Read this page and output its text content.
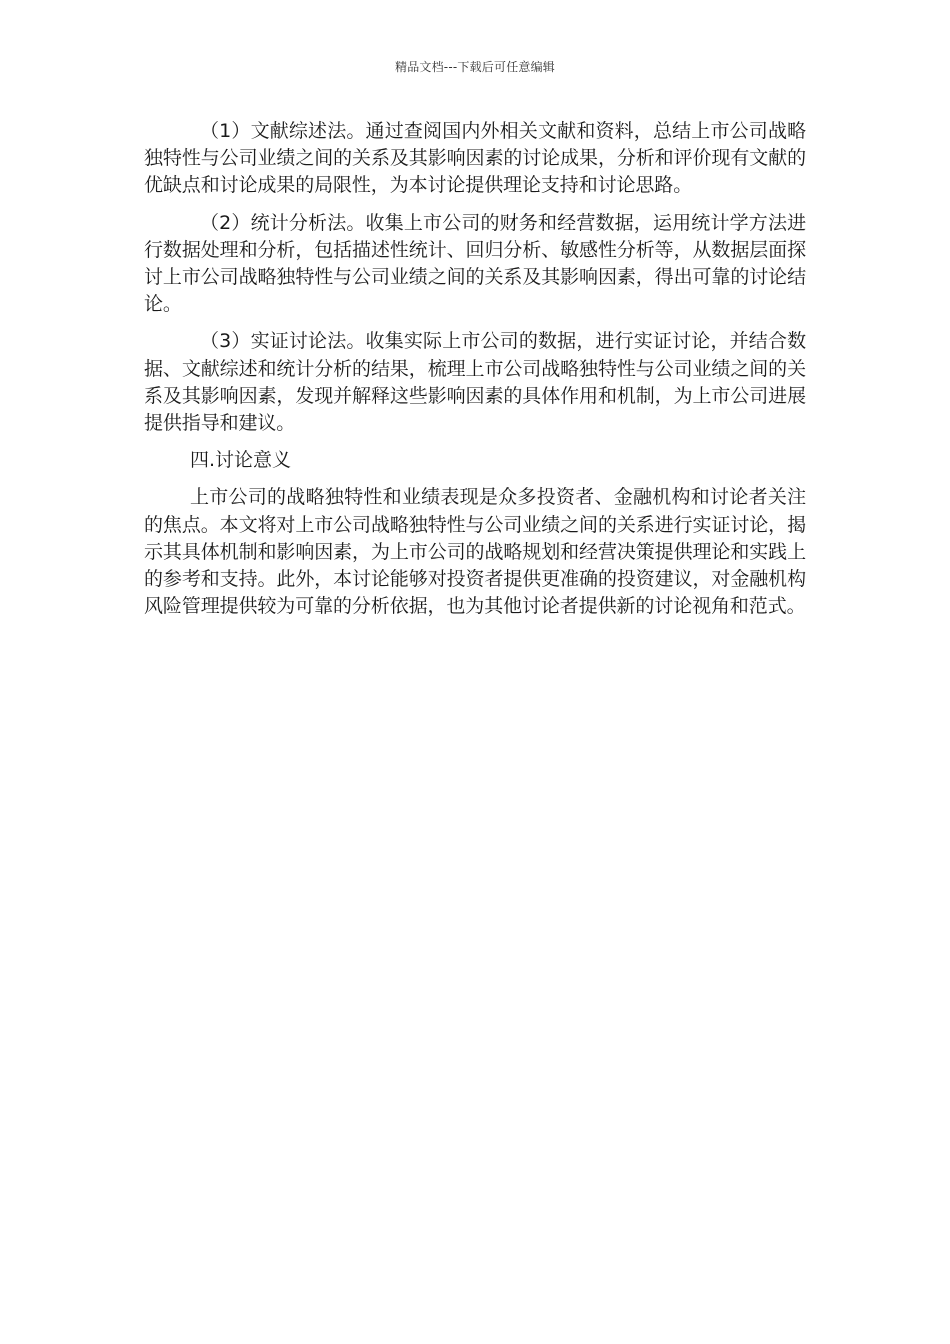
精品文档---下载后可任意编辑

（1）文献综述法。通过查阅国内外相关文献和资料，总结上市公司战略独特性与公司业绩之间的关系及其影响因素的讨论成果，分析和评价现有文献的优缺点和讨论成果的局限性，为本讨论提供理论支持和讨论思路。

（2）统计分析法。收集上市公司的财务和经营数据，运用统计学方法进行数据处理和分析，包括描述性统计、回归分析、敏感性分析等，从数据层面探讨上市公司战略独特性与公司业绩之间的关系及其影响因素，得出可靠的讨论结论。

（3）实证讨论法。收集实际上市公司的数据，进行实证讨论，并结合数据、文献综述和统计分析的结果，梳理上市公司战略独特性与公司业绩之间的关系及其影响因素，发现并解释这些影响因素的具体作用和机制，为上市公司进展提供指导和建议。

四.讨论意义

上市公司的战略独特性和业绩表现是众多投资者、金融机构和讨论者关注的焦点。本文将对上市公司战略独特性与公司业绩之间的关系进行实证讨论，揭示其具体机制和影响因素，为上市公司的战略规划和经营决策提供理论和实践上的参考和支持。此外，本讨论能够对投资者提供更准确的投资建议，对金融机构风险管理提供较为可靠的分析依据，也为其他讨论者提供新的讨论视角和范式。
